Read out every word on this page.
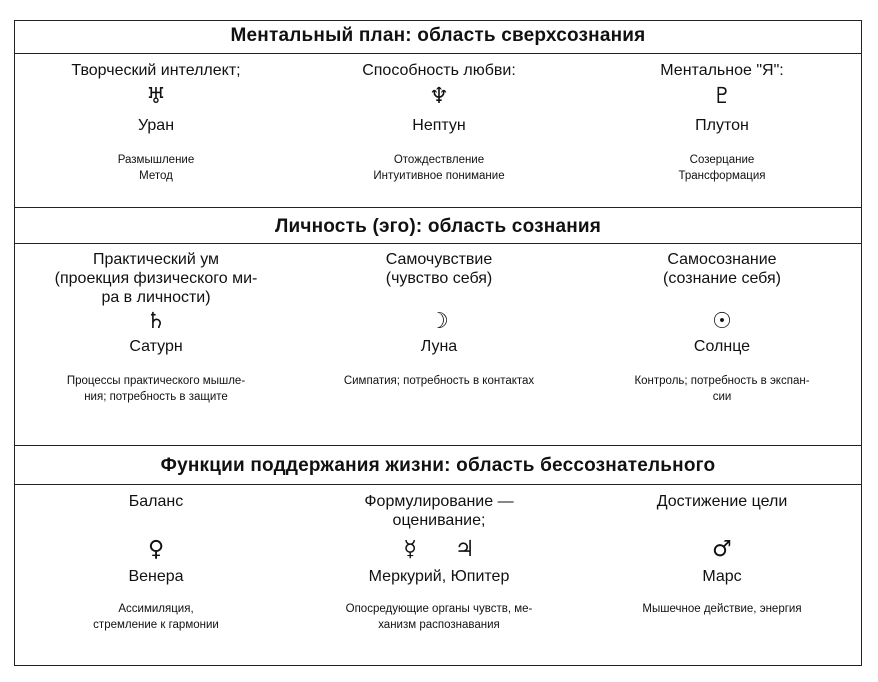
Ментальный план: область сверхсознания
Творческий интеллект;
♅
Уран
Размышление
Метод
Способность любви:
♆
Нептун
Отождествление
Интуитивное понимание
Ментальное "Я":
♇
Плутон
Созерцание
Трансформация
Личность (эго): область сознания
Практический ум
(проекция физического ми-
ра в личности)
♄
Сатурн
Процессы практического мышле-
ния; потребность в защите
Самочувствие
(чувство себя)
☽
Луна
Симпатия; потребность в контактах
Самосознание
(сознание себя)
☉
Солнце
Контроль; потребность в экспан-
сии
Функции поддержания жизни: область бессознательного
Баланс
♀
Венера
Ассимиляция,
стремление к гармонии
Формулирование —
оценивание;
☿ ♃
Меркурий, Юпитер
Опосредующие органы чувств, ме-
ханизм распознавания
Достижение цели
♂
Марс
Мышечное действие, энергия
